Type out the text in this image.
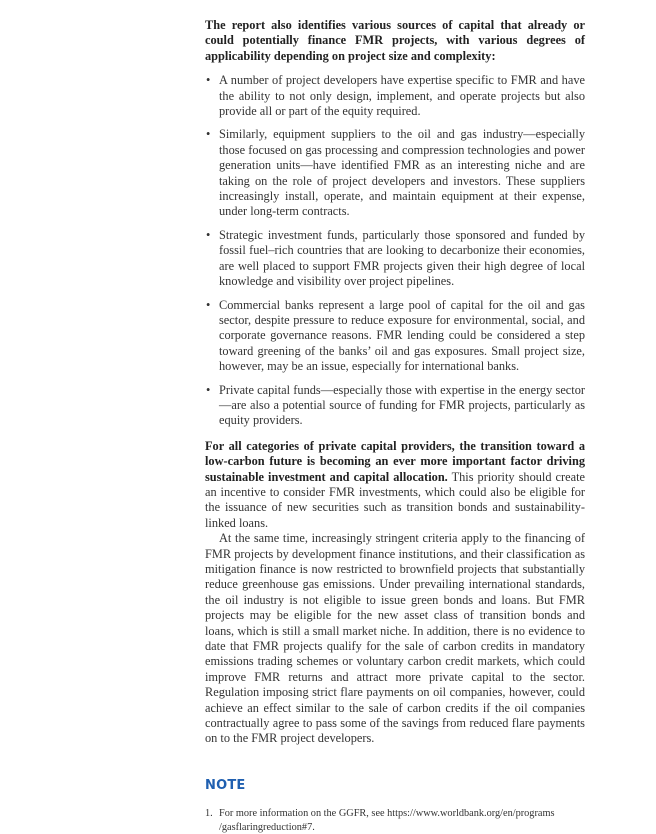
The report also identifies various sources of capital that already or could potentially finance FMR projects, with various degrees of applicability depending on project size and complexity:

• A number of project developers have expertise specific to FMR and have the ability to not only design, implement, and operate projects but also provide all or part of the equity required.
• Similarly, equipment suppliers to the oil and gas industry—especially those focused on gas processing and compression technologies and power generation units—have identified FMR as an interesting niche and are taking on the role of project developers and investors. These suppliers increasingly install, operate, and maintain equipment at their expense, under long-term contracts.
• Strategic investment funds, particularly those sponsored and funded by fossil fuel–rich countries that are looking to decarbonize their economies, are well placed to support FMR projects given their high degree of local knowledge and visibility over project pipelines.
• Commercial banks represent a large pool of capital for the oil and gas sector, despite pressure to reduce exposure for environmental, social, and corporate governance reasons. FMR lending could be considered a step toward greening of the banks’ oil and gas exposures. Small project size, however, may be an issue, especially for international banks.
• Private capital funds—especially those with expertise in the energy sector—are also a potential source of funding for FMR projects, particularly as equity providers.

For all categories of private capital providers, the transition toward a low-carbon future is becoming an ever more important factor driving sustainable investment and capital allocation. This priority should create an incentive to consider FMR investments, which could also be eligible for the issuance of new securities such as transition bonds and sustainability-linked loans.

At the same time, increasingly stringent criteria apply to the financing of FMR projects by development finance institutions, and their classification as mitigation finance is now restricted to brownfield projects that substantially reduce greenhouse gas emissions. Under prevailing international standards, the oil industry is not eligible to issue green bonds and loans. But FMR projects may be eligible for the new asset class of transition bonds and loans, which is still a small market niche. In addition, there is no evidence to date that FMR projects qualify for the sale of carbon credits in mandatory emissions trading schemes or voluntary carbon credit markets, which could improve FMR returns and attract more private capital to the sector. Regulation imposing strict flare payments on oil companies, however, could achieve an effect similar to the sale of carbon credits if the oil companies contractually agree to pass some of the savings from reduced flare payments on to the FMR project developers.

NOTE
1. For more information on the GGFR, see https://www.worldbank.org/en/programs /gasflaringreduction#7.
